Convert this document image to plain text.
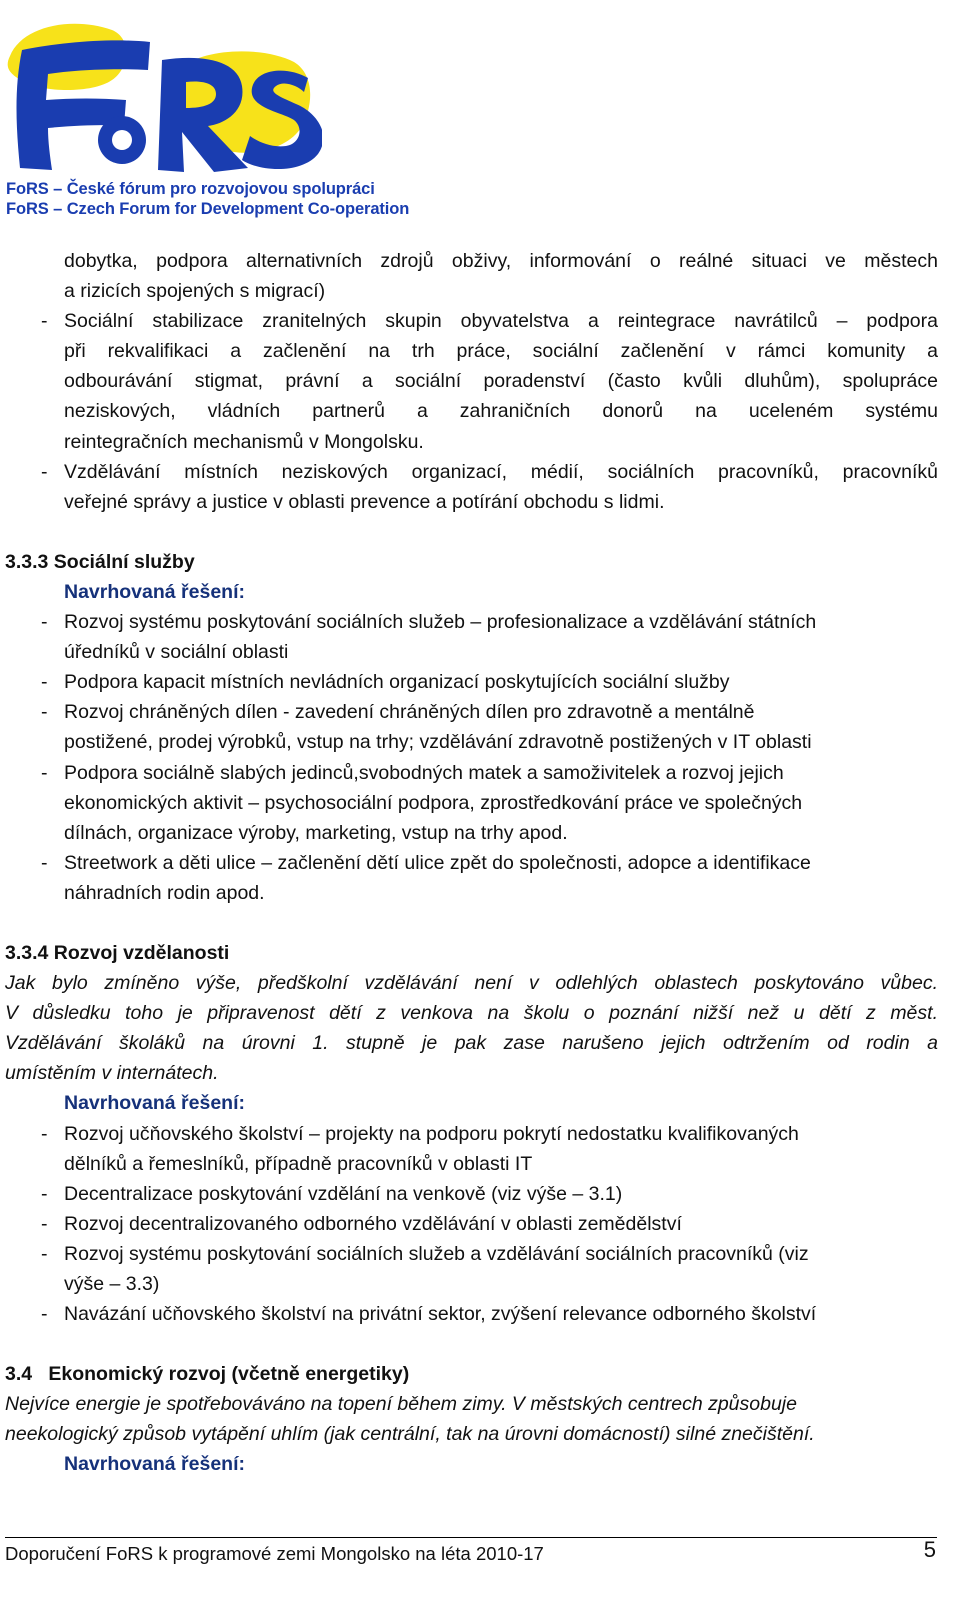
FoRS – České fórum pro rozvojovou spolupráci
FoRS – Czech Forum for Development Co-operation
dobytka, podpora alternativních zdrojů obživy, informování o reálné situaci ve městech
a rizicích spojených s migrací)
- Sociální stabilizace zranitelných skupin obyvatelstva a reintegrace navrátilců – podpora
při rekvalifikaci a začlenění na trh práce, sociální začlenění v rámci komunity a
odbourávání stigmat, právní a sociální poradenství (často kvůli dluhům), spolupráce
neziskových, vládních partnerů a zahraničních donorů na uceleném systému
reintegračních mechanismů v Mongolsku.
- Vzdělávání místních neziskových organizací, médií, sociálních pracovníků, pracovníků
veřejné správy a justice v oblasti prevence a potírání obchodu s lidmi.
3.3.3 Sociální služby
Navrhovaná řešení:
- Rozvoj systému poskytování sociálních služeb – profesionalizace a vzdělávání státních
úředníků v sociální oblasti
- Podpora kapacit místních nevládních organizací poskytujících sociální služby
- Rozvoj chráněných dílen - zavedení chráněných dílen pro zdravotně a mentálně
postižené, prodej výrobků, vstup na trhy; vzdělávání zdravotně postižených v IT oblasti
- Podpora sociálně slabých jedinců,svobodných matek a samoživitelek a rozvoj jejich
ekonomických aktivit – psychosociální podpora, zprostředkování práce ve společných
dílnách, organizace výroby, marketing, vstup na trhy apod.
- Streetwork a děti ulice – začlenění dětí ulice zpět do společnosti, adopce a identifikace
náhradních rodin apod.
3.3.4 Rozvoj vzdělanosti
Jak bylo zmíněno výše, předškolní vzdělávání není v odlehlých oblastech poskytováno vůbec.
V důsledku toho je připravenost dětí z venkova na školu o poznání nižší než u dětí z měst.
Vzdělávání školáků na úrovni 1. stupně je pak zase narušeno jejich odtržením od rodin a
umístěním v internátech.
Navrhovaná řešení:
- Rozvoj učňovského školství – projekty na podporu pokrytí nedostatku kvalifikovaných
dělníků a řemeslníků, případně pracovníků v oblasti IT
- Decentralizace poskytování vzdělání na venkově (viz výše – 3.1)
- Rozvoj decentralizovaného odborného vzdělávání v oblasti zemědělství
- Rozvoj systému poskytování sociálních služeb a vzdělávání sociálních pracovníků (viz
výše – 3.3)
- Navázání učňovského školství na privátní sektor, zvýšení relevance odborného školství
3.4   Ekonomický rozvoj (včetně energetiky)
Nejvíce energie je spotřebováváno na topení během zimy. V městských centrech způsobuje
neekologický způsob vytápění uhlím (jak centrální, tak na úrovni domácností) silné znečištění.
Navrhovaná řešení:
Doporučení FoRS k programové zemi Mongolsko na léta 2010-17	5
